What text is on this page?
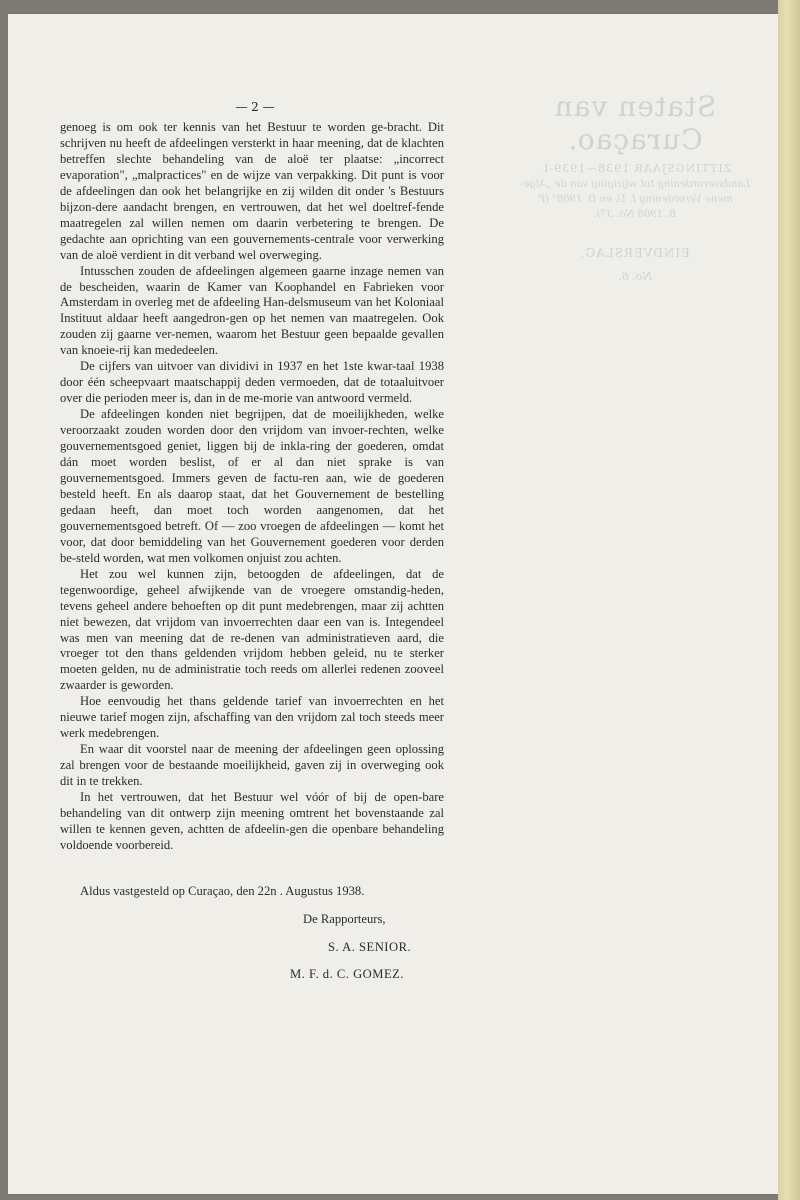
Staten van Curaçao.
ZITTINGSJAAR 1938—1939-I.
Landsverordening tot wijziging van de „Alge-
mene Verordening I. U. en D. 1908" (P.
B. 1908 No. 37).
EINDVERSLAG.
No. 6.
— 2 —

genoeg is om ook ter kennis van het Bestuur te worden ge-bracht. Dit schrijven nu heeft de afdeelingen versterkt in haar meening, dat de klachten betreffen slechte behandeling van de aloë ter plaatse: „incorrect evaporation", „malpractices" en de wijze van verpakking. Dit punt is voor de afdeelingen dan ook het belangrijke en zij wilden dit onder 's Bestuurs bijzon-dere aandacht brengen, en vertrouwen, dat het wel doeltref-fende maatregelen zal willen nemen om daarin verbetering te brengen. De gedachte aan oprichting van een gouvernements-centrale voor verwerking van de aloë verdient in dit verband wel overweging.

Intusschen zouden de afdeelingen algemeen gaarne inzage nemen van de bescheiden, waarin de Kamer van Koophandel en Fabrieken voor Amsterdam in overleg met de afdeeling Han-delsmuseum van het Koloniaal Instituut aldaar heeft aangedron-gen op het nemen van maatregelen. Ook zouden zij gaarne ver-nemen, waarom het Bestuur geen bepaalde gevallen van knoeie-rij kan mededeelen.

De cijfers van uitvoer van dividivi in 1937 en het 1ste kwar-taal 1938 door één scheepvaart maatschappij deden vermoeden, dat de totaaluitvoer over die perioden meer is, dan in de me-morie van antwoord vermeld.

De afdeelingen konden niet begrijpen, dat de moeilijkheden, welke veroorzaakt zouden worden door den vrijdom van invoer-rechten, welke gouvernementsgoed geniet, liggen bij de inkla-ring der goederen, omdat dán moet worden beslist, of er al dan niet sprake is van gouvernementsgoed. Immers geven de factu-ren aan, wie de goederen besteld heeft. En als daarop staat, dat het Gouvernement de bestelling gedaan heeft, dan moet toch worden aangenomen, dat het gouvernementsgoed betreft. Of — zoo vroegen de afdeelingen — komt het voor, dat door bemiddeling van het Gouvernement goederen voor derden be-steld worden, wat men volkomen onjuist zou achten.

Het zou wel kunnen zijn, betoogden de afdeelingen, dat de tegenwoordige, geheel afwijkende van de vroegere omstandig-heden, tevens geheel andere behoeften op dit punt medebrengen, maar zij achtten niet bewezen, dat vrijdom van invoerrechten daar een van is. Integendeel was men van meening dat de re-denen van administratieven aard, die vroeger tot den thans geldenden vrijdom hebben geleid, nu te sterker moeten gelden, nu de administratie toch reeds om allerlei redenen zooveel zwaarder is geworden.

Hoe eenvoudig het thans geldende tarief van invoerrechten en het nieuwe tarief mogen zijn, afschaffing van den vrijdom zal toch steeds meer werk medebrengen.

En waar dit voorstel naar de meening der afdeelingen geen oplossing zal brengen voor de bestaande moeilijkheid, gaven zij in overweging ook dit in te trekken.

In het vertrouwen, dat het Bestuur wel vóór of bij de open-bare behandeling van dit ontwerp zijn meening omtrent het bovenstaande zal willen te kennen geven, achtten de afdeelin-gen die openbare behandeling voldoende voorbereid.

Aldus vastgesteld op Curaçao, den 22n . Augustus 1938.

De Rapporteurs,
S. A. SENIOR.
M. F. d. C. GOMEZ.
